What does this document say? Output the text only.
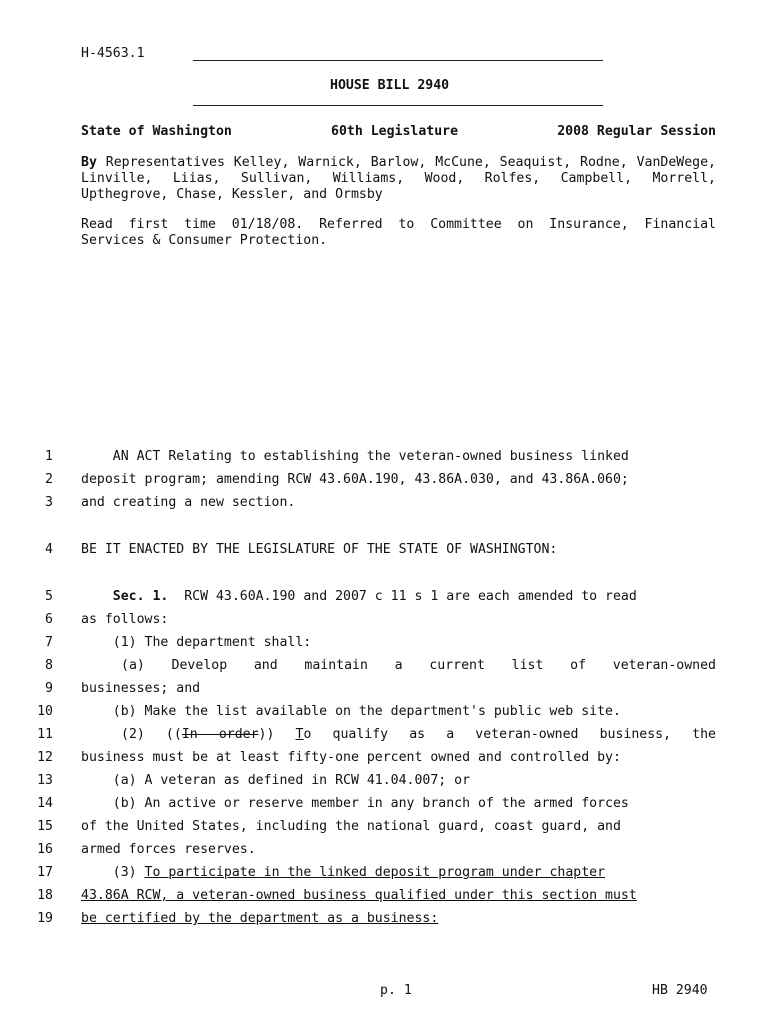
H-4563.1
HOUSE BILL 2940
State of Washington	60th Legislature	2008 Regular Session
By Representatives Kelley, Warnick, Barlow, McCune, Seaquist, Rodne, VanDeWege, Linville, Liias, Sullivan, Williams, Wood, Rolfes, Campbell, Morrell, Upthegrove, Chase, Kessler, and Ormsby
Read first time 01/18/08. Referred to Committee on Insurance, Financial Services & Consumer Protection.
1 AN ACT Relating to establishing the veteran-owned business linked
2 deposit program; amending RCW 43.60A.190, 43.86A.030, and 43.86A.060;
3 and creating a new section.
4 BE IT ENACTED BY THE LEGISLATURE OF THE STATE OF WASHINGTON:
5	Sec. 1.  RCW 43.60A.190 and 2007 c 11 s 1 are each amended to read
6 as follows:
7 (1) The department shall:
8	(a) Develop and maintain a current list of veteran-owned
9 businesses; and
10 (b) Make the list available on the department's public web site.
11	(2) ((In order)) To qualify as a veteran-owned business, the
12 business must be at least fifty-one percent owned and controlled by:
13 (a) A veteran as defined in RCW 41.04.007; or
14 (b) An active or reserve member in any branch of the armed forces
15 of the United States, including the national guard, coast guard, and
16 armed forces reserves.
17	(3) To participate in the linked deposit program under chapter
18 43.86A RCW, a veteran-owned business qualified under this section must
19 be certified by the department as a business:
p. 1	HB 2940
